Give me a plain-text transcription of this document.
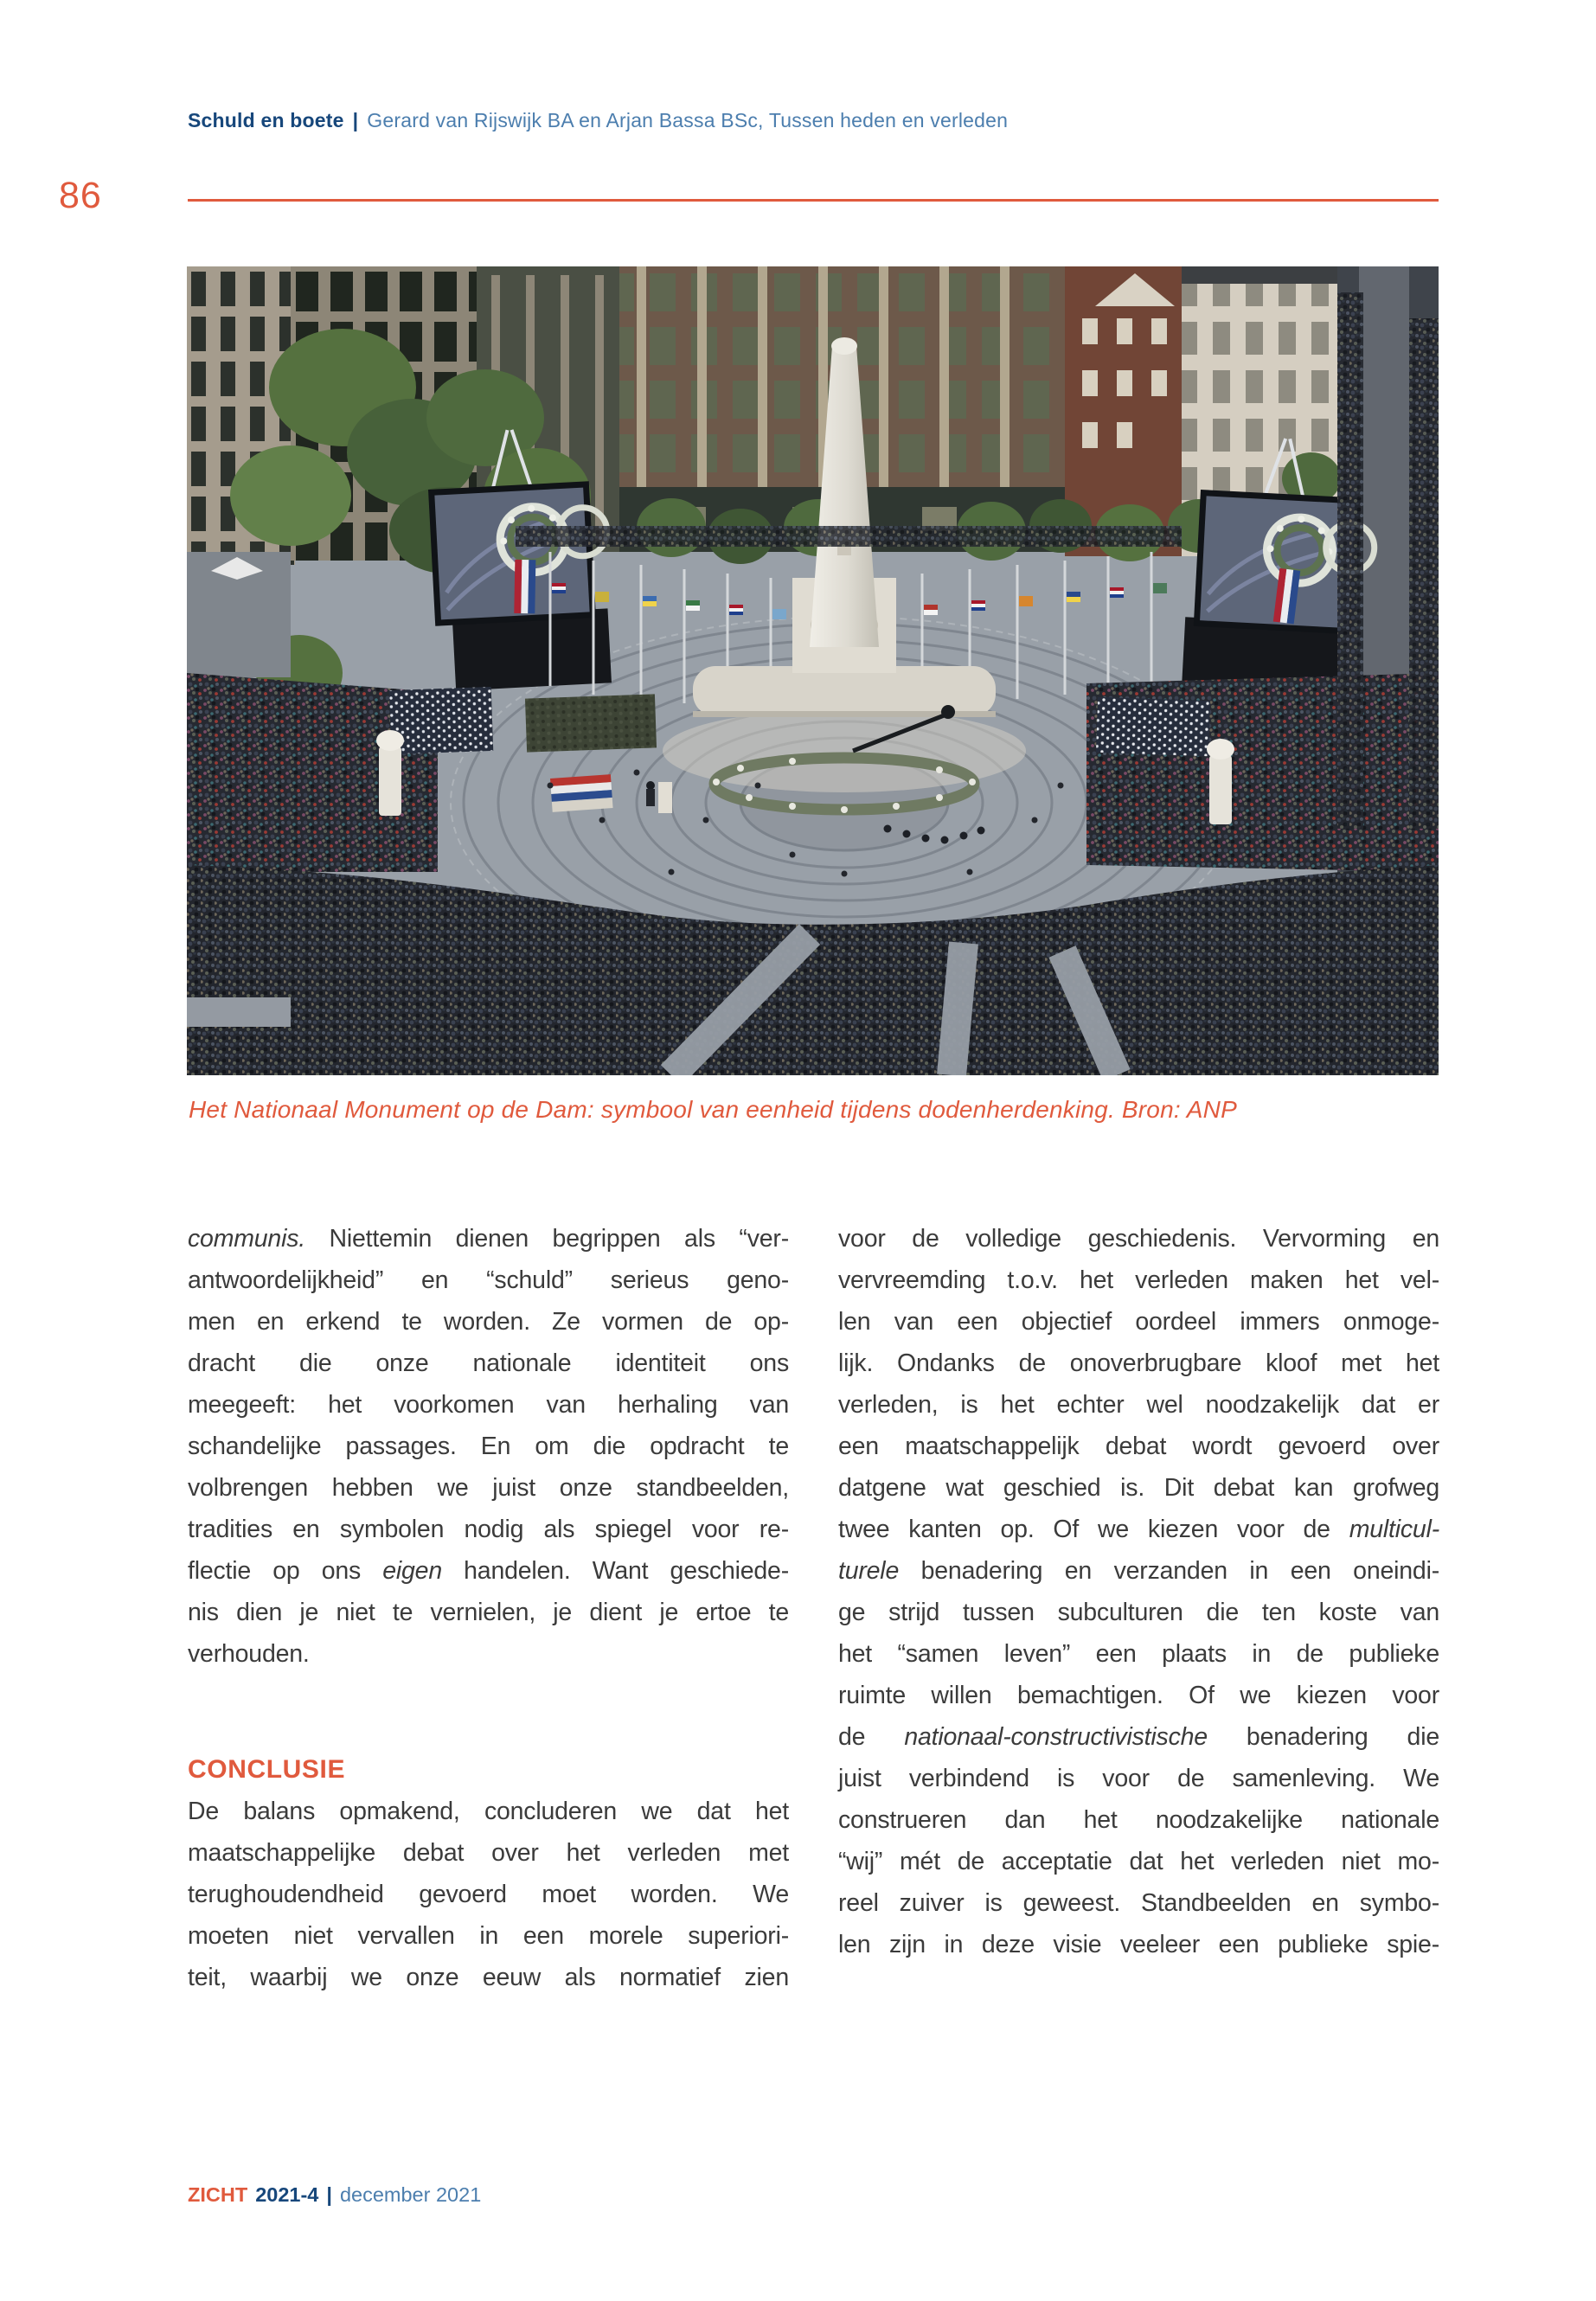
Schuld en boete | Gerard van Rijswijk BA en Arjan Bassa BSc, Tussen heden en verleden
86
Het Nationaal Monument op de Dam: symbool van eenheid tijdens dodenherdenking. Bron: ANP
communis. Niettemin dienen begrippen als “ver-
antwoordelijkheid” en “schuld” serieus geno-
men en erkend te worden. Ze vormen de op-
dracht die onze nationale identiteit ons
meegeeft: het voorkomen van herhaling van
schandelijke passages. En om die opdracht te
volbrengen hebben we juist onze standbeelden,
tradities en symbolen nodig als spiegel voor re-
flectie op ons eigen handelen. Want geschiede-
nis dien je niet te vernielen, je dient je ertoe te
verhouden.
CONCLUSIE
De balans opmakend, concluderen we dat het
maatschappelijke debat over het verleden met
terughoudendheid gevoerd moet worden. We
moeten niet vervallen in een morele superiori-
teit, waarbij we onze eeuw als normatief zien
voor de volledige geschiedenis. Vervorming en
vervreemding t.o.v. het verleden maken het vel-
len van een objectief oordeel immers onmoge-
lijk. Ondanks de onoverbrugbare kloof met het
verleden, is het echter wel noodzakelijk dat er
een maatschappelijk debat wordt gevoerd over
datgene wat geschied is. Dit debat kan grofweg
twee kanten op. Of we kiezen voor de multicul-
turele benadering en verzanden in een oneindi-
ge strijd tussen subculturen die ten koste van
het “samen leven” een plaats in de publieke
ruimte willen bemachtigen. Of we kiezen voor
de nationaal-constructivistische benadering die
juist verbindend is voor de samenleving. We
construeren dan het noodzakelijke nationale
“wij” mét de acceptatie dat het verleden niet mo-
reel zuiver is geweest. Standbeelden en symbo-
len zijn in deze visie veeleer een publieke spie-
ZICHT 2021-4 | december 2021
